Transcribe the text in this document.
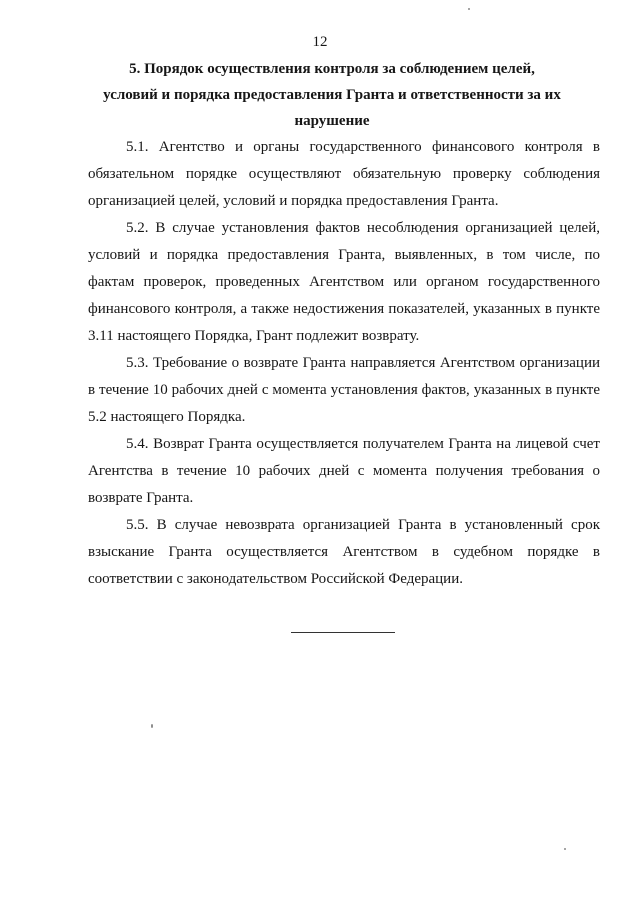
12
5. Порядок осуществления контроля за соблюдением целей,
условий и порядка предоставления Гранта и ответственности за их
нарушение

5.1. Агентство и органы государственного финансового контроля в обязательном порядке осуществляют обязательную проверку соблюдения организацией целей, условий и порядка предоставления Гранта.

5.2. В случае установления фактов несоблюдения организацией целей, условий и порядка предоставления Гранта, выявленных, в том числе, по фактам проверок, проведенных Агентством или органом государственного финансового контроля, а также недостижения показателей, указанных в пункте 3.11 настоящего Порядка, Грант подлежит возврату.

5.3. Требование о возврате Гранта направляется Агентством организации в течение 10 рабочих дней с момента установления фактов, указанных в пункте 5.2 настоящего Порядка.

5.4. Возврат Гранта осуществляется получателем Гранта на лицевой счет Агентства в течение 10 рабочих дней с момента получения требования о возврате Гранта.

5.5. В случае невозврата организацией Гранта в установленный срок взыскание Гранта осуществляется Агентством в судебном порядке в соответствии с законодательством Российской Федерации.
